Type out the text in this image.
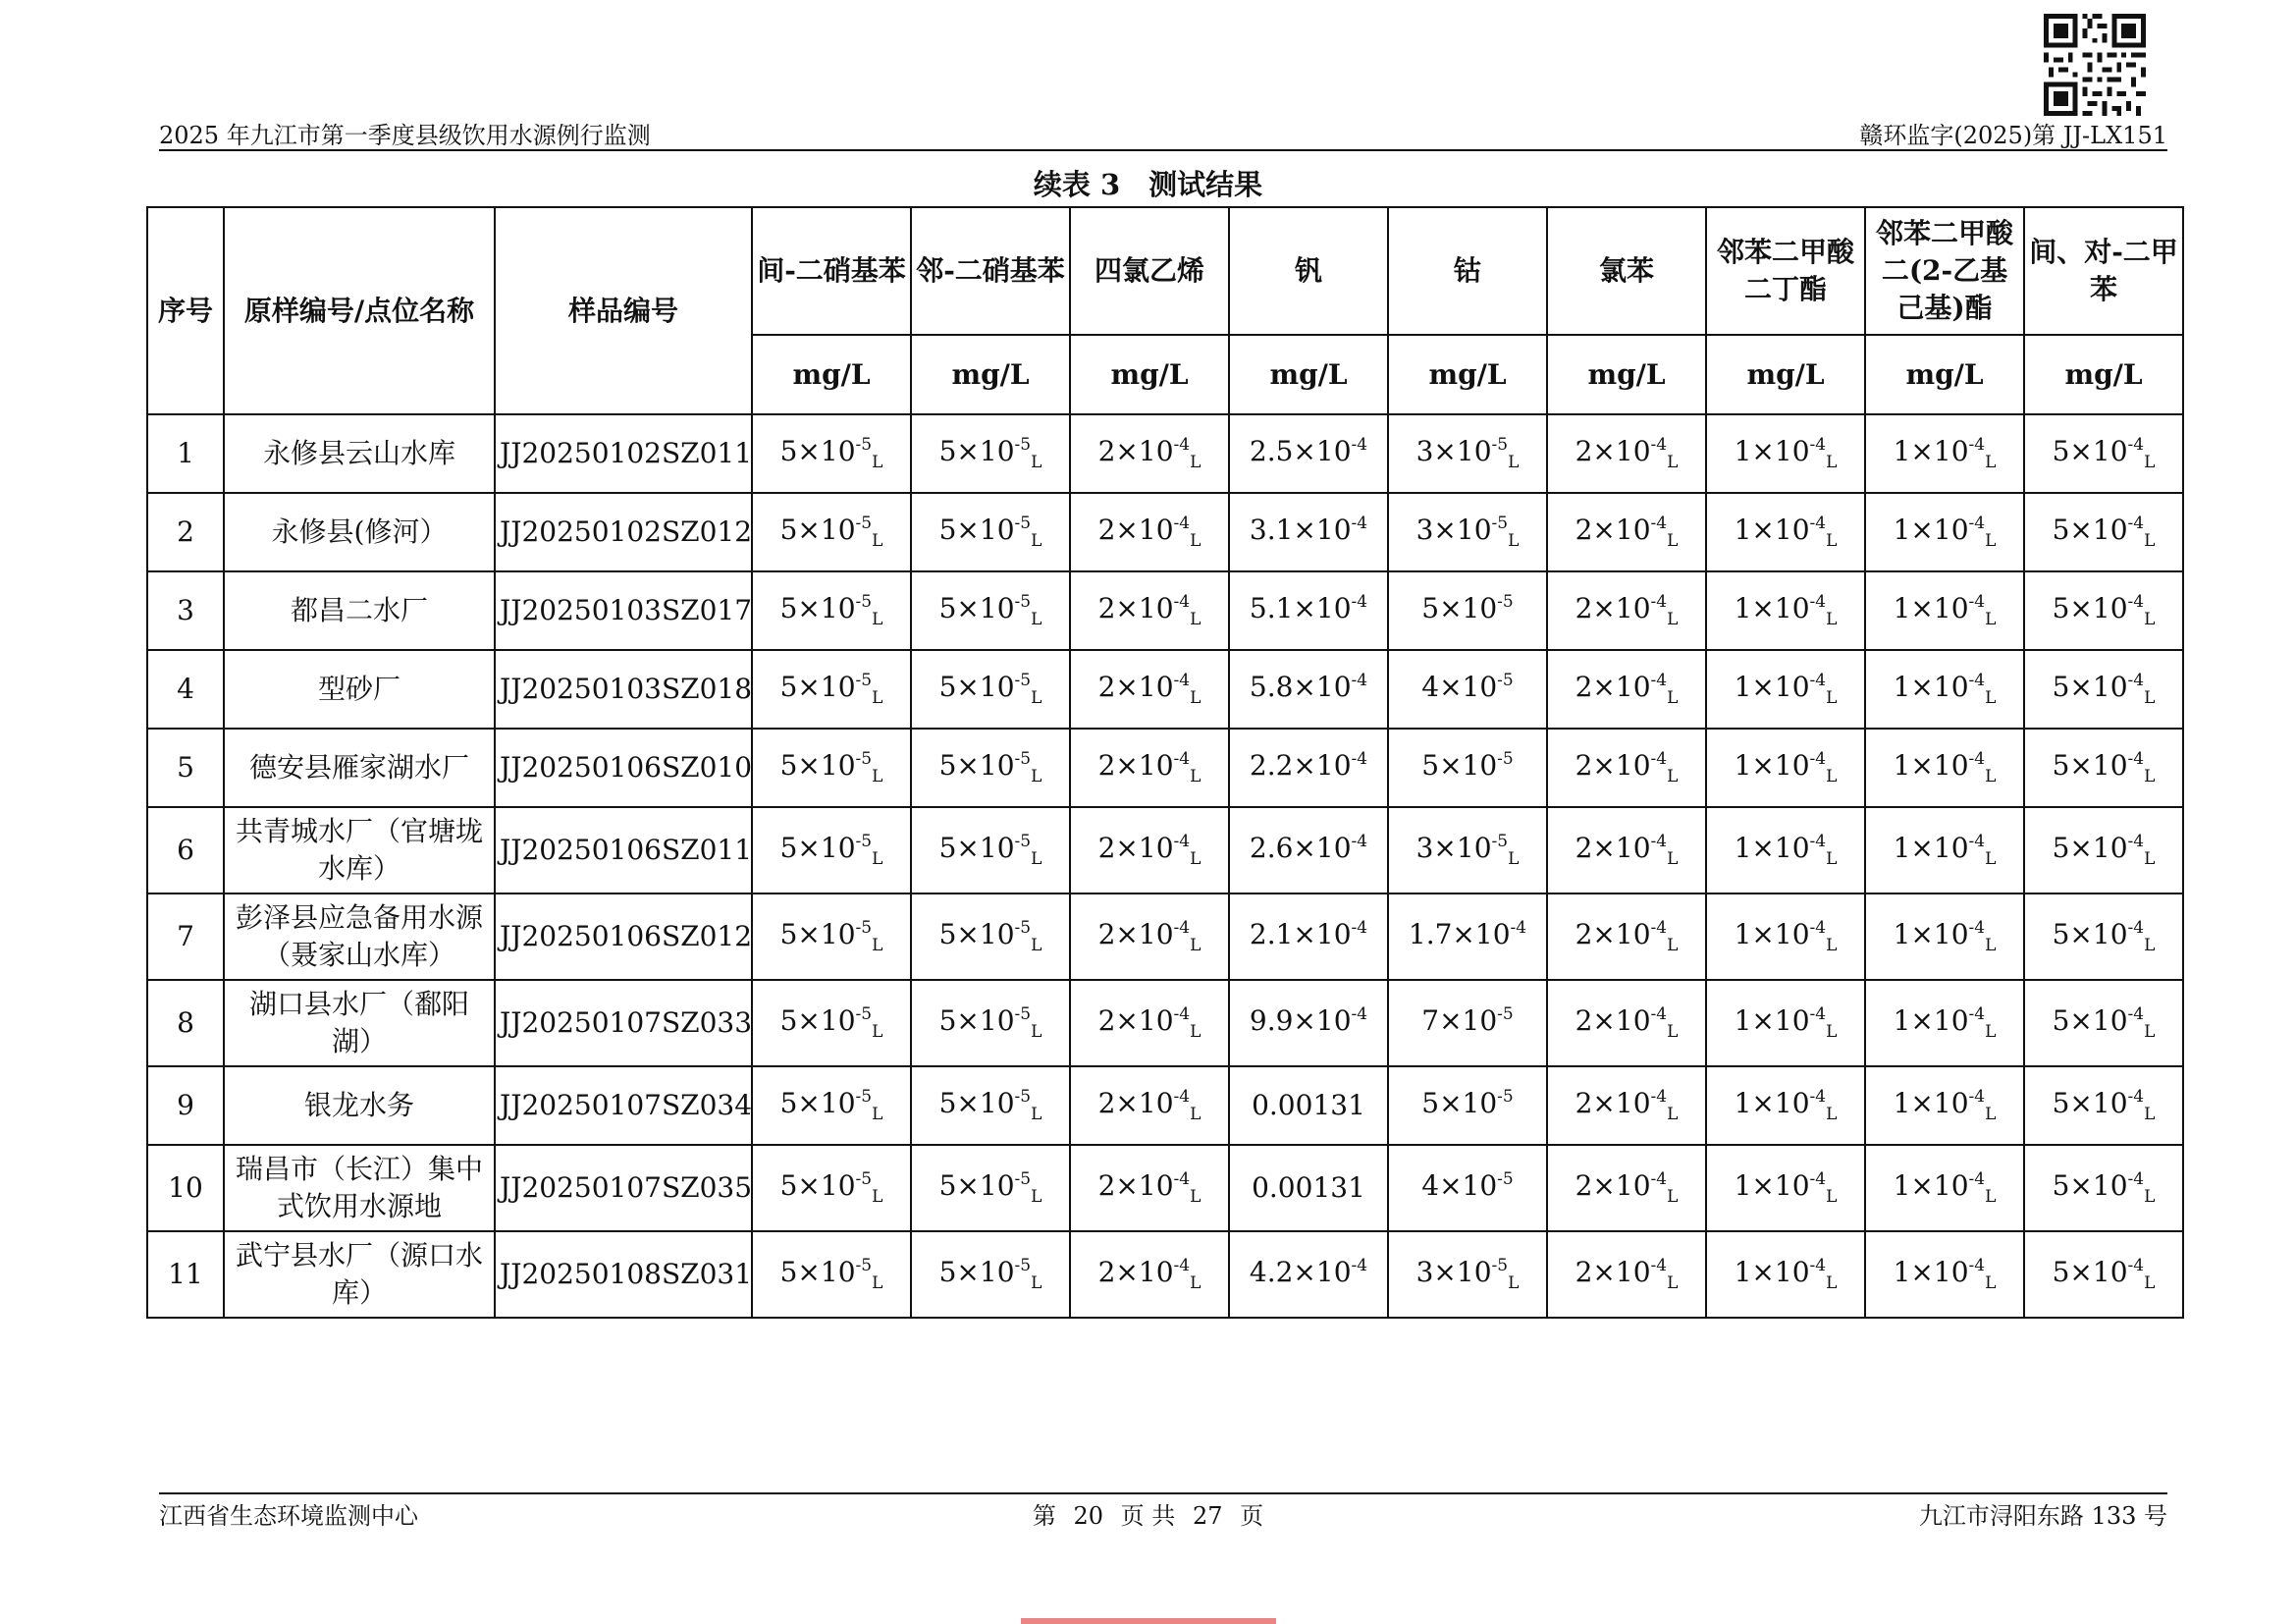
2025 年九江市第一季度县级饮用水源例行监测	赣环监字(2025)第 JJ-LX151
续表 3　测试结果
序号	原样编号/点位名称	样品编号	间-二硝基苯	邻-二硝基苯	四氯乙烯	钒	钴	氯苯	邻苯二甲酸二丁酯	邻苯二甲酸二(2-乙基己基)酯	间、对-二甲苯
			mg/L	mg/L	mg/L	mg/L	mg/L	mg/L	mg/L	mg/L	mg/L
1	永修县云山水库	JJ20250102SZ011	$5\times 10^{-5}_L$	$5\times 10^{-5}_L$	$2\times 10^{-4}_L$	$2.5\times 10^{-4}$	$3\times 10^{-5}_L$	$2\times 10^{-4}_L$	$1\times 10^{-4}_L$	$1\times 10^{-4}_L$	$5\times 10^{-4}_L$
2	永修县(修河）	JJ20250102SZ012	$5\times 10^{-5}_L$	$5\times 10^{-5}_L$	$2\times 10^{-4}_L$	$3.1\times 10^{-4}$	$3\times 10^{-5}_L$	$2\times 10^{-4}_L$	$1\times 10^{-4}_L$	$1\times 10^{-4}_L$	$5\times 10^{-4}_L$
3	都昌二水厂	JJ20250103SZ017	$5\times 10^{-5}_L$	$5\times 10^{-5}_L$	$2\times 10^{-4}_L$	$5.1\times 10^{-4}$	$5\times 10^{-5}$	$2\times 10^{-4}_L$	$1\times 10^{-4}_L$	$1\times 10^{-4}_L$	$5\times 10^{-4}_L$
4	型砂厂	JJ20250103SZ018	$5\times 10^{-5}_L$	$5\times 10^{-5}_L$	$2\times 10^{-4}_L$	$5.8\times 10^{-4}$	$4\times 10^{-5}$	$2\times 10^{-4}_L$	$1\times 10^{-4}_L$	$1\times 10^{-4}_L$	$5\times 10^{-4}_L$
5	德安县雁家湖水厂	JJ20250106SZ010	$5\times 10^{-5}_L$	$5\times 10^{-5}_L$	$2\times 10^{-4}_L$	$2.2\times 10^{-4}$	$5\times 10^{-5}$	$2\times 10^{-4}_L$	$1\times 10^{-4}_L$	$1\times 10^{-4}_L$	$5\times 10^{-4}_L$
6	共青城水厂（官塘垅水库）	JJ20250106SZ011	$5\times 10^{-5}_L$	$5\times 10^{-5}_L$	$2\times 10^{-4}_L$	$2.6\times 10^{-4}$	$3\times 10^{-5}_L$	$2\times 10^{-4}_L$	$1\times 10^{-4}_L$	$1\times 10^{-4}_L$	$5\times 10^{-4}_L$
7	彭泽县应急备用水源（聂家山水库）	JJ20250106SZ012	$5\times 10^{-5}_L$	$5\times 10^{-5}_L$	$2\times 10^{-4}_L$	$2.1\times 10^{-4}$	$1.7\times 10^{-4}$	$2\times 10^{-4}_L$	$1\times 10^{-4}_L$	$1\times 10^{-4}_L$	$5\times 10^{-4}_L$
8	湖口县水厂（鄱阳湖）	JJ20250107SZ033	$5\times 10^{-5}_L$	$5\times 10^{-5}_L$	$2\times 10^{-4}_L$	$9.9\times 10^{-4}$	$7\times 10^{-5}$	$2\times 10^{-4}_L$	$1\times 10^{-4}_L$	$1\times 10^{-4}_L$	$5\times 10^{-4}_L$
9	银龙水务	JJ20250107SZ034	$5\times 10^{-5}_L$	$5\times 10^{-5}_L$	$2\times 10^{-4}_L$	0.00131	$5\times 10^{-5}$	$2\times 10^{-4}_L$	$1\times 10^{-4}_L$	$1\times 10^{-4}_L$	$5\times 10^{-4}_L$
10	瑞昌市（长江）集中式饮用水源地	JJ20250107SZ035	$5\times 10^{-5}_L$	$5\times 10^{-5}_L$	$2\times 10^{-4}_L$	0.00131	$4\times 10^{-5}$	$2\times 10^{-4}_L$	$1\times 10^{-4}_L$	$1\times 10^{-4}_L$	$5\times 10^{-4}_L$
11	武宁县水厂（源口水库）	JJ20250108SZ031	$5\times 10^{-5}_L$	$5\times 10^{-5}_L$	$2\times 10^{-4}_L$	$4.2\times 10^{-4}$	$3\times 10^{-5}_L$	$2\times 10^{-4}_L$	$1\times 10^{-4}_L$	$1\times 10^{-4}_L$	$5\times 10^{-4}_L$
江西省生态环境监测中心	第 20 页 共 27 页	九江市浔阳东路 133 号
